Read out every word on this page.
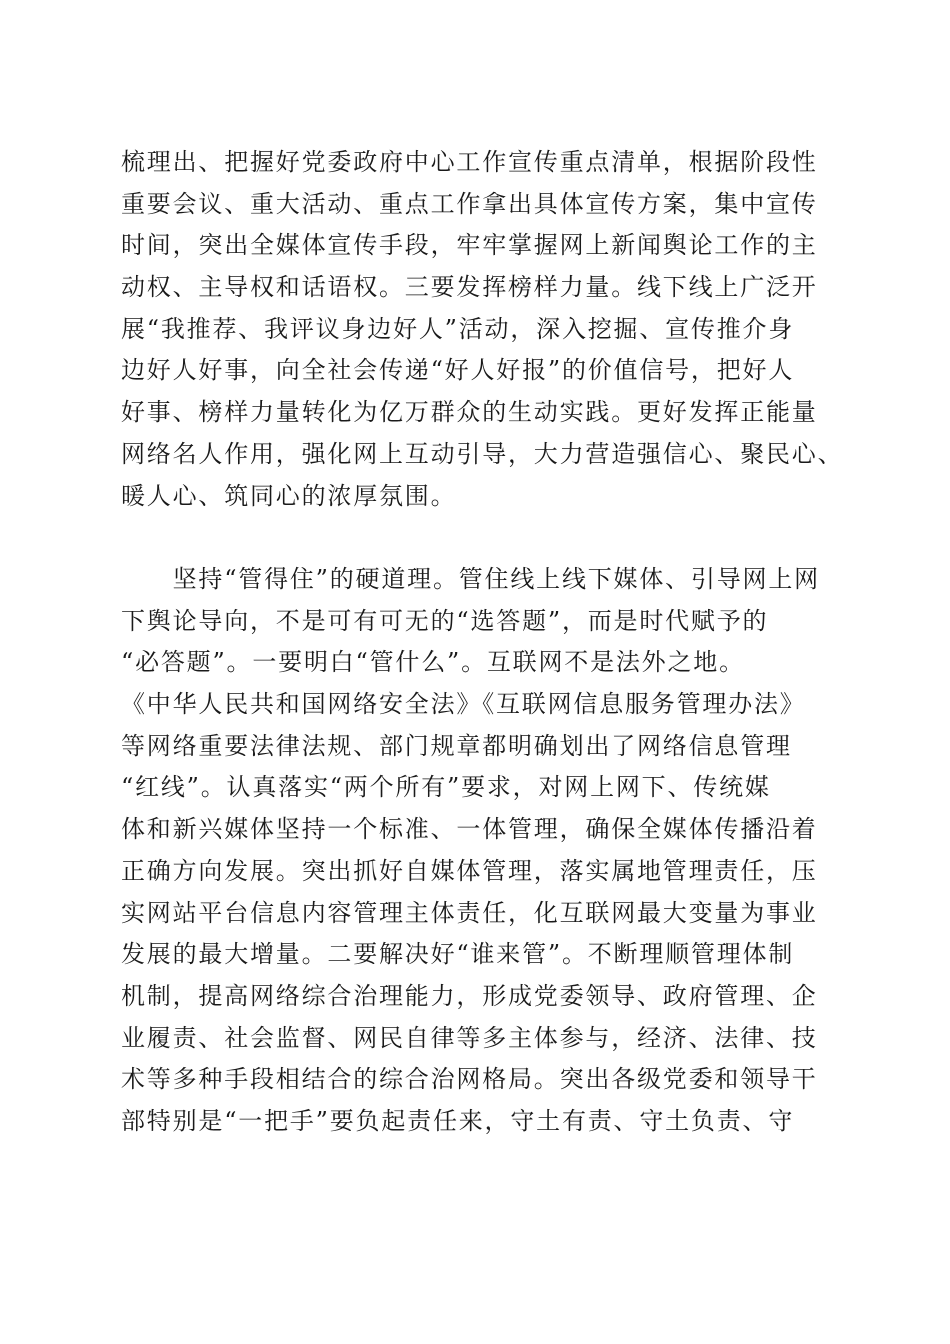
梳理出、把握好党委政府中心工作宣传重点清单，根据阶段性
重要会议、重大活动、重点工作拿出具体宣传方案，集中宣传
时间，突出全媒体宣传手段，牢牢掌握网上新闻舆论工作的主
动权、主导权和话语权。三要发挥榜样力量。线下线上广泛开
展“我推荐、我评议身边好人”活动，深入挖掘、宣传推介身
边好人好事，向全社会传递“好人好报”的价值信号，把好人
好事、榜样力量转化为亿万群众的生动实践。更好发挥正能量
网络名人作用，强化网上互动引导，大力营造强信心、聚民心、
暖人心、筑同心的浓厚氛围。
　　坚持“管得住”的硬道理。管住线上线下媒体、引导网上网
下舆论导向，不是可有可无的“选答题”，而是时代赋予的
“必答题”。一要明白“管什么”。互联网不是法外之地。
《中华人民共和国网络安全法》《互联网信息服务管理办法》
等网络重要法律法规、部门规章都明确划出了网络信息管理
“红线”。认真落实“两个所有”要求，对网上网下、传统媒
体和新兴媒体坚持一个标准、一体管理，确保全媒体传播沿着
正确方向发展。突出抓好自媒体管理，落实属地管理责任，压
实网站平台信息内容管理主体责任，化互联网最大变量为事业
发展的最大增量。二要解决好“谁来管”。不断理顺管理体制
机制，提高网络综合治理能力，形成党委领导、政府管理、企
业履责、社会监督、网民自律等多主体参与，经济、法律、技
术等多种手段相结合的综合治网格局。突出各级党委和领导干
部特别是“一把手”要负起责任来，守土有责、守土负责、守
